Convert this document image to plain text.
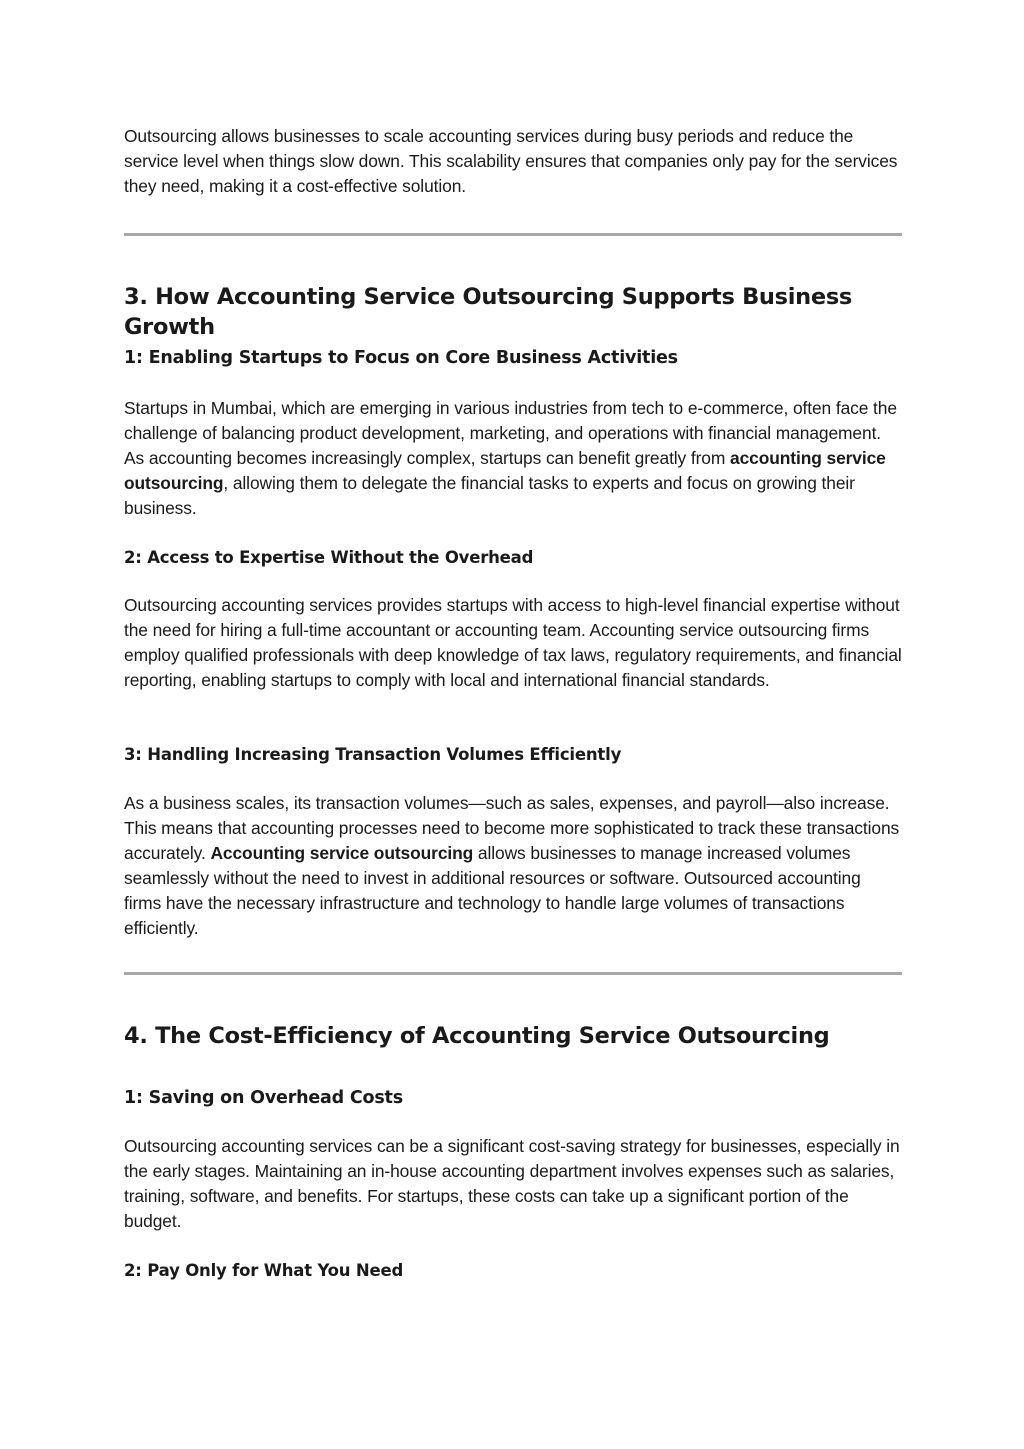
Outsourcing allows businesses to scale accounting services during busy periods and reduce the service level when things slow down. This scalability ensures that companies only pay for the services they need, making it a cost-effective solution.

3. How Accounting Service Outsourcing Supports Business Growth
1: Enabling Startups to Focus on Core Business Activities

Startups in Mumbai, which are emerging in various industries from tech to e-commerce, often face the challenge of balancing product development, marketing, and operations with financial management. As accounting becomes increasingly complex, startups can benefit greatly from accounting service outsourcing, allowing them to delegate the financial tasks to experts and focus on growing their business.

2: Access to Expertise Without the Overhead

Outsourcing accounting services provides startups with access to high-level financial expertise without the need for hiring a full-time accountant or accounting team. Accounting service outsourcing firms employ qualified professionals with deep knowledge of tax laws, regulatory requirements, and financial reporting, enabling startups to comply with local and international financial standards.

3: Handling Increasing Transaction Volumes Efficiently

As a business scales, its transaction volumes—such as sales, expenses, and payroll—also increase. This means that accounting processes need to become more sophisticated to track these transactions accurately. Accounting service outsourcing allows businesses to manage increased volumes seamlessly without the need to invest in additional resources or software. Outsourced accounting firms have the necessary infrastructure and technology to handle large volumes of transactions efficiently.

4. The Cost-Efficiency of Accounting Service Outsourcing
1: Saving on Overhead Costs

Outsourcing accounting services can be a significant cost-saving strategy for businesses, especially in the early stages. Maintaining an in-house accounting department involves expenses such as salaries, training, software, and benefits. For startups, these costs can take up a significant portion of the budget.

2: Pay Only for What You Need
